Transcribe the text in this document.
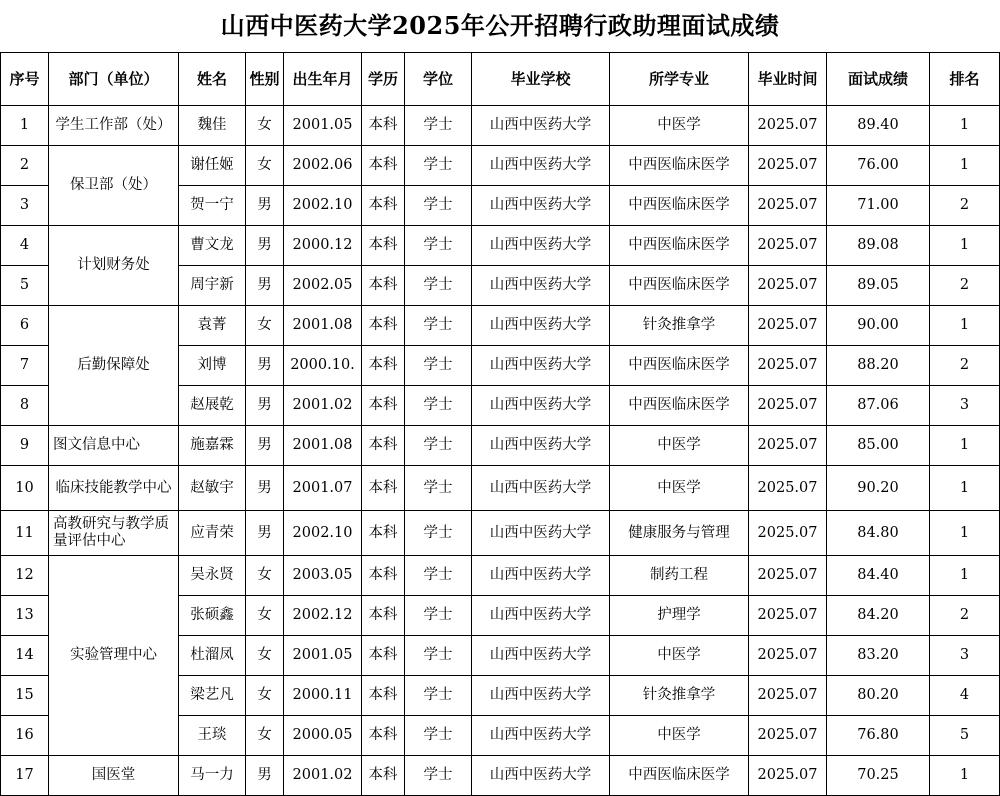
山西中医药大学2025年公开招聘行政助理面试成绩
序号	部门（单位）	姓名	性别	出生年月	学历	学位	毕业学校	所学专业	毕业时间	面试成绩	排名
1	学生工作部（处）	魏佳	女	2001.05	本科	学士	山西中医药大学	中医学	2025.07	89.40	1
2	保卫部（处）	谢任姬	女	2002.06	本科	学士	山西中医药大学	中西医临床医学	2025.07	76.00	1
3		贺一宁	男	2002.10	本科	学士	山西中医药大学	中西医临床医学	2025.07	71.00	2
4	计划财务处	曹文龙	男	2000.12	本科	学士	山西中医药大学	中西医临床医学	2025.07	89.08	1
5		周宇新	男	2002.05	本科	学士	山西中医药大学	中西医临床医学	2025.07	89.05	2
6	后勤保障处	袁菁	女	2001.08	本科	学士	山西中医药大学	针灸推拿学	2025.07	90.00	1
7		刘博	男	2000.10.	本科	学士	山西中医药大学	中西医临床医学	2025.07	88.20	2
8		赵展乾	男	2001.02	本科	学士	山西中医药大学	中西医临床医学	2025.07	87.06	3
9	图文信息中心	施嘉霖	男	2001.08	本科	学士	山西中医药大学	中医学	2025.07	85.00	1
10	临床技能教学中心	赵敏宇	男	2001.07	本科	学士	山西中医药大学	中医学	2025.07	90.20	1
11	高教研究与教学质量评估中心	应青荣	男	2002.10	本科	学士	山西中医药大学	健康服务与管理	2025.07	84.80	1
12	实验管理中心	吴永贤	女	2003.05	本科	学士	山西中医药大学	制药工程	2025.07	84.40	1
13		张硕鑫	女	2002.12	本科	学士	山西中医药大学	护理学	2025.07	84.20	2
14		杜溜凤	女	2001.05	本科	学士	山西中医药大学	中医学	2025.07	83.20	3
15		梁艺凡	女	2000.11	本科	学士	山西中医药大学	针灸推拿学	2025.07	80.20	4
16		王琰	女	2000.05	本科	学士	山西中医药大学	中医学	2025.07	76.80	5
17	国医堂	马一力	男	2001.02	本科	学士	山西中医药大学	中西医临床医学	2025.07	70.25	1
